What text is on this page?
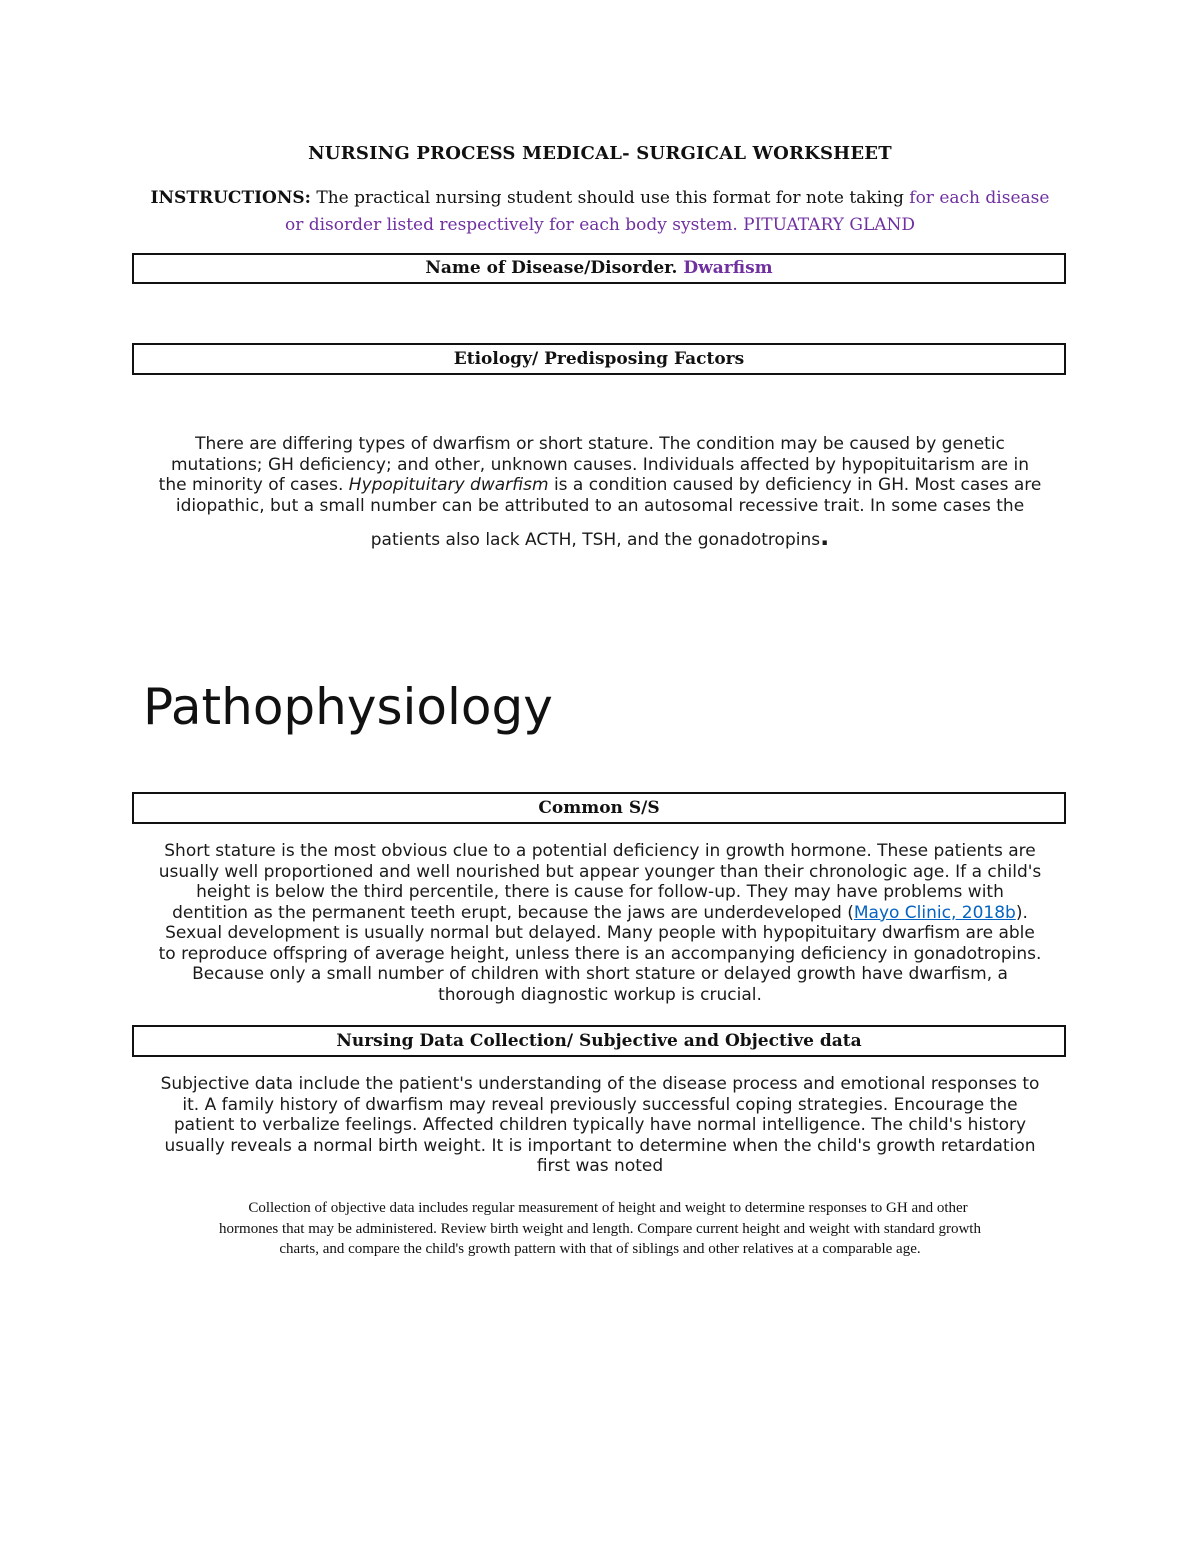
NURSING PROCESS MEDICAL- SURGICAL WORKSHEET
INSTRUCTIONS: The practical nursing student should use this format for note taking for each disease
or disorder listed respectively for each body system. PITUATARY GLAND
Name of Disease/Disorder. Dwarfism
Etiology/ Predisposing Factors
There are differing types of dwarfism or short stature. The condition may be caused by genetic
mutations; GH deficiency; and other, unknown causes. Individuals affected by hypopituitarism are in
the minority of cases. Hypopituitary dwarfism is a condition caused by deficiency in GH. Most cases are
idiopathic, but a small number can be attributed to an autosomal recessive trait. In some cases the
patients also lack ACTH, TSH, and the gonadotropins.
Pathophysiology
Common S/S
Short stature is the most obvious clue to a potential deficiency in growth hormone. These patients are
usually well proportioned and well nourished but appear younger than their chronologic age. If a child's
height is below the third percentile, there is cause for follow-up. They may have problems with
dentition as the permanent teeth erupt, because the jaws are underdeveloped (Mayo Clinic, 2018b).
Sexual development is usually normal but delayed. Many people with hypopituitary dwarfism are able
to reproduce offspring of average height, unless there is an accompanying deficiency in gonadotropins.
Because only a small number of children with short stature or delayed growth have dwarfism, a
thorough diagnostic workup is crucial.
Nursing Data Collection/ Subjective and Objective data
Subjective data include the patient's understanding of the disease process and emotional responses to
it. A family history of dwarfism may reveal previously successful coping strategies. Encourage the
patient to verbalize feelings. Affected children typically have normal intelligence. The child's history
usually reveals a normal birth weight. It is important to determine when the child's growth retardation
first was noted
Collection of objective data includes regular measurement of height and weight to determine responses to GH and other
hormones that may be administered. Review birth weight and length. Compare current height and weight with standard growth
charts, and compare the child's growth pattern with that of siblings and other relatives at a comparable age.
